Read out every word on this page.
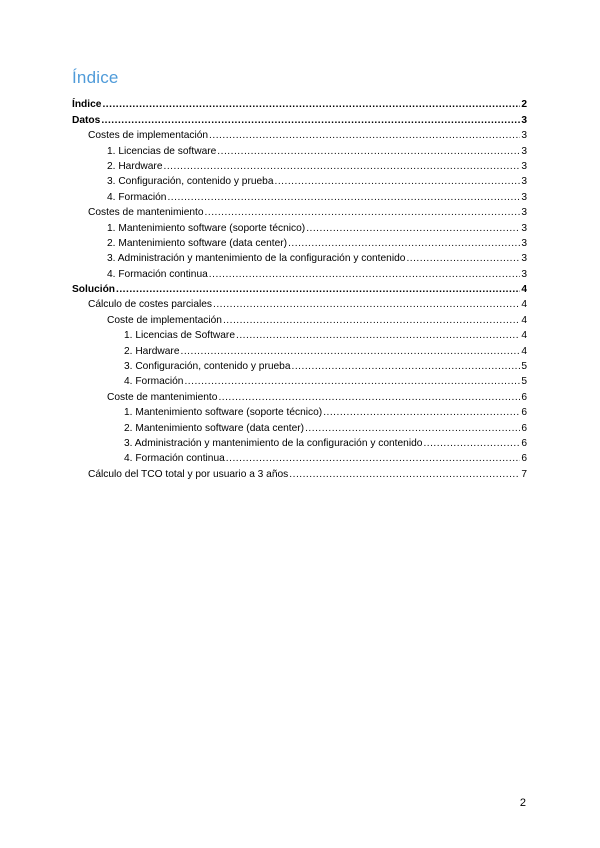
Índice
Índice .....	2
Datos .....	3
Costes de implementación .....	3
1. Licencias de software .....	3
2. Hardware .....	3
3. Configuración, contenido y prueba .....	3
4. Formación .....	3
Costes de mantenimiento .....	3
1. Mantenimiento software (soporte técnico) .....	3
2. Mantenimiento software (data center) .....	3
3. Administración y mantenimiento de la configuración y contenido .....	3
4. Formación continua .....	3
Solución .....	4
Cálculo de costes parciales .....	4
Coste de implementación .....	4
1. Licencias de Software .....	4
2. Hardware .....	4
3. Configuración, contenido y prueba .....	5
4. Formación .....	5
Coste de mantenimiento .....	6
1. Mantenimiento software (soporte técnico) .....	6
2. Mantenimiento software (data center) .....	6
3. Administración y mantenimiento de la configuración y contenido .....	6
4. Formación continua .....	6
Cálculo del TCO total y por usuario a 3 años .....	7
2
